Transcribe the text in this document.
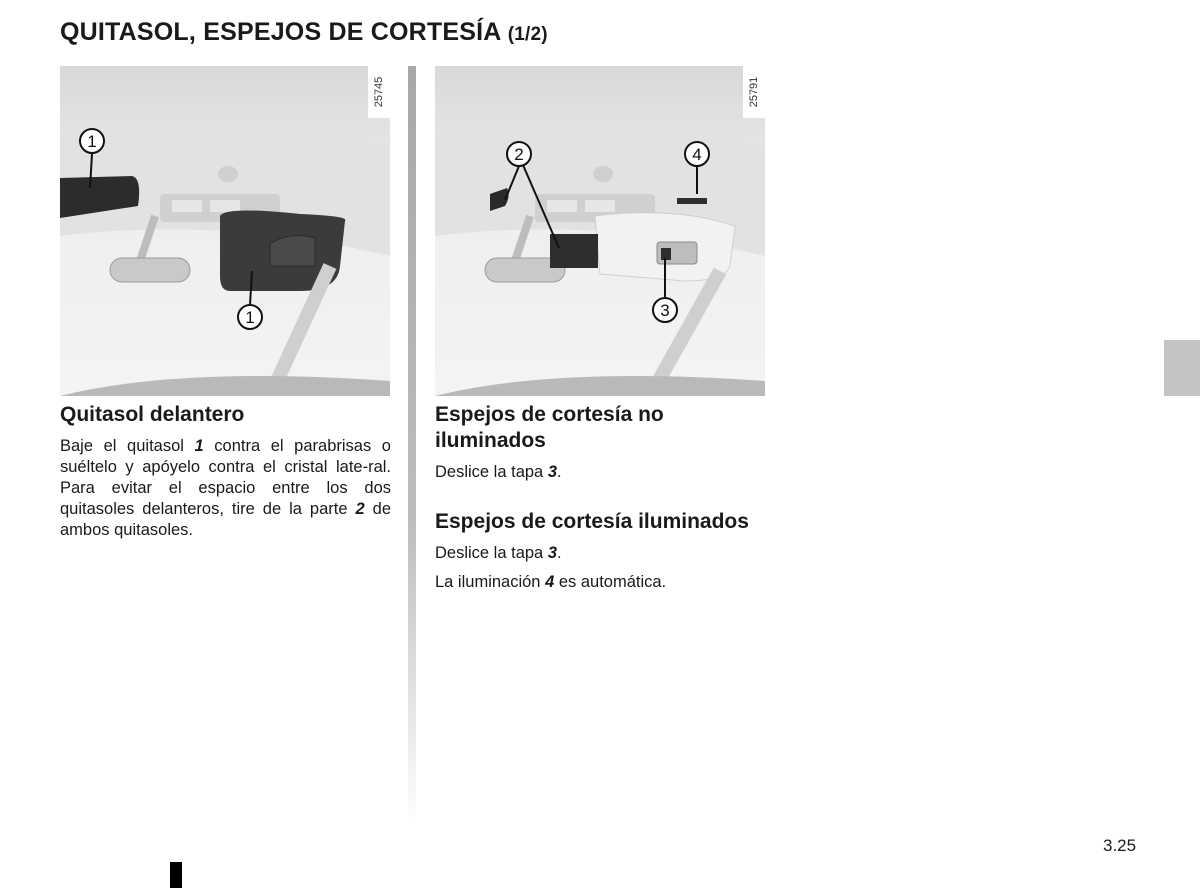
QUITASOL, ESPEJOS DE CORTESÍA (1/2)
1
1
25745
2	4
3
25791
Quitasol delantero

Baje el quitasol 1 contra el parabrisas o suéltelo y apóyelo contra el cristal late-ral. Para evitar el espacio entre los dos quitasoles delanteros, tire de la parte 2 de ambos quitasoles.

Espejos de cortesía no iluminados

Deslice la tapa 3.

Espejos de cortesía iluminados

Deslice la tapa 3.

La iluminación 4 es automática.

3.25
